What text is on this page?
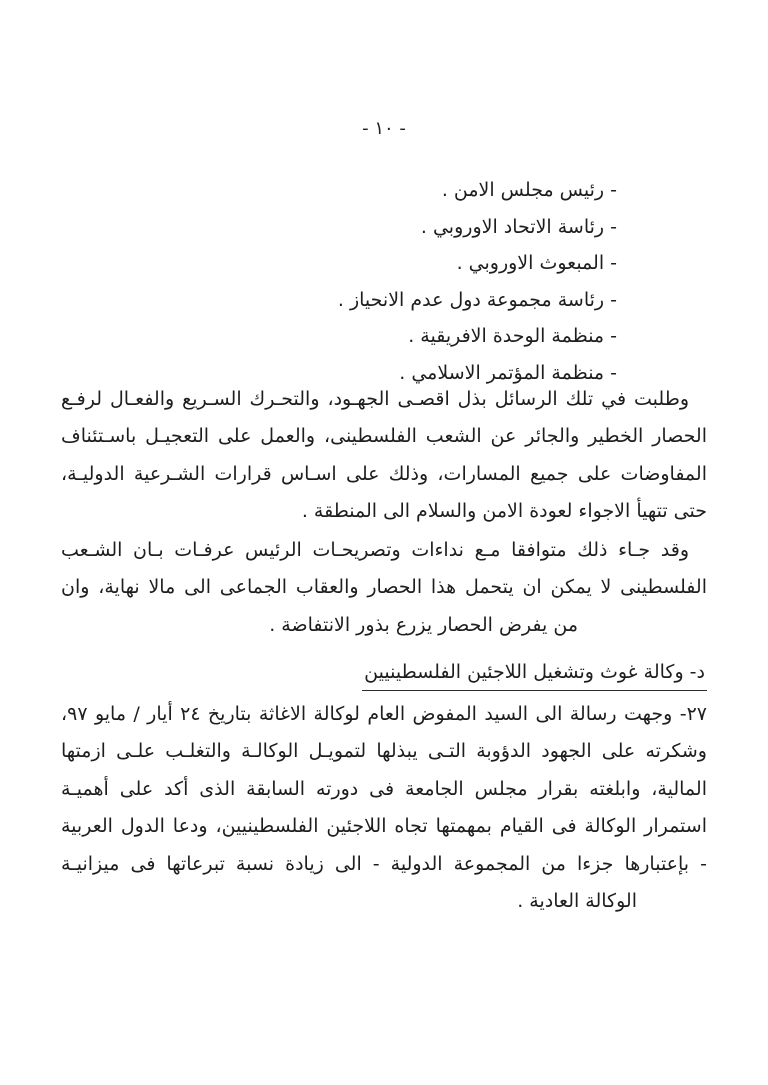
- ١٠ -
- رئيس مجلس الامن .
- رئاسة الاتحاد الاوروبي .
- المبعوث الاوروبي .
- رئاسة مجموعة دول عدم الانحياز .
- منظمة الوحدة الافريقية .
- منظمة المؤتمر الاسلامي .
وطلبت في تلك الرسائل بذل اقصـى الجهـود، والتحـرك السـريع والفعـال لرفـع
الحصار الخطير والجائر عن الشعب الفلسطينى، والعمل على التعجيـل باسـتئناف
المفاوضات على جميع المسارات، وذلك على اسـاس قرارات الشـرعية الدوليـة،
حتى تتهيأ الاجواء لعودة الامن والسلام الى المنطقة .
وقد جـاء ذلك متوافقا مـع نداءات وتصريحـات الرئيس عرفـات بـان الشـعب
الفلسطينى لا يمكن ان يتحمل هذا الحصار والعقاب الجماعى الى مالا نهاية، وان
من يفرض الحصار يزرع بذور الانتفاضة .
د- وكالة غوث وتشغيل اللاجئين الفلسطينيين
٢٧- وجهت رسالة الى السيد المفوض العام لوكالة الاغاثة بتاريخ ٢٤ أيار / مايو ٩٧،
وشكرته على الجهود الدؤوبة التـى يبذلها لتمويـل الوكالـة والتغلـب علـى ازمتها
المالية، وابلغته بقرار مجلس الجامعة فى دورته السابقة الذى أكد على أهميـة
استمرار الوكالة فى القيام بمهمتها تجاه اللاجئين الفلسطينيين، ودعا الدول العربية
- بإعتبارها جزءا من المجموعة الدولية - الى زيادة نسبة تبرعاتها فى ميزانيـة
الوكالة العادية .
